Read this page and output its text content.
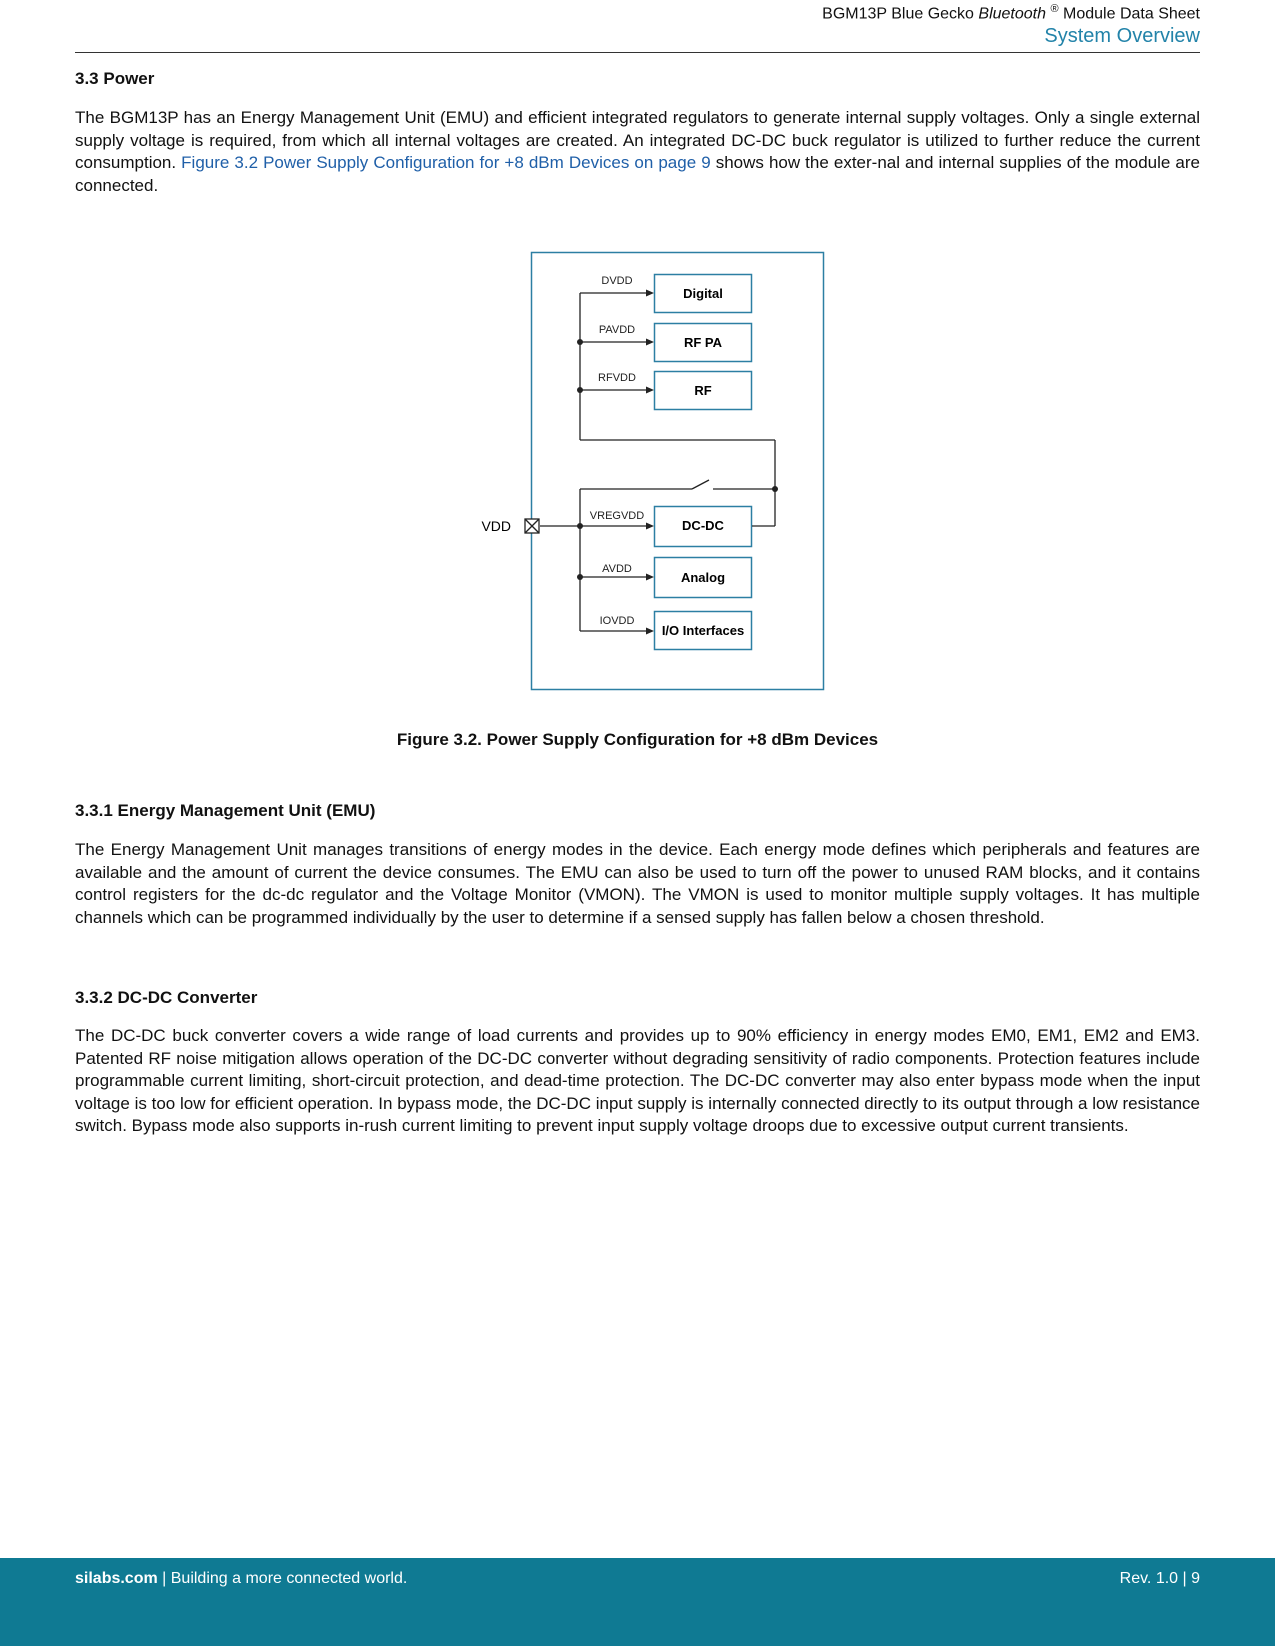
BGM13P Blue Gecko Bluetooth ® Module Data Sheet
System Overview
3.3 Power

The BGM13P has an Energy Management Unit (EMU) and efficient integrated regulators to generate internal supply voltages. Only a single external supply voltage is required, from which all internal voltages are created. An integrated DC-DC buck regulator is utilized to further reduce the current consumption. Figure 3.2 Power Supply Configuration for +8 dBm Devices on page 9 shows how the exter-nal and internal supplies of the module are connected.

Digital
RF PA
RF
DC-DC
Analog
I/O Interfaces
VDD
DVDD
PAVDD
RFVDD
VREGVDD
AVDD
IOVDD

Figure 3.2. Power Supply Configuration for +8 dBm Devices

3.3.1 Energy Management Unit (EMU)

The Energy Management Unit manages transitions of energy modes in the device. Each energy mode defines which peripherals and features are available and the amount of current the device consumes. The EMU can also be used to turn off the power to unused RAM blocks, and it contains control registers for the dc-dc regulator and the Voltage Monitor (VMON). The VMON is used to monitor multiple supply voltages. It has multiple channels which can be programmed individually by the user to determine if a sensed supply has fallen below a chosen threshold.

3.3.2 DC-DC Converter

The DC-DC buck converter covers a wide range of load currents and provides up to 90% efficiency in energy modes EM0, EM1, EM2 and EM3. Patented RF noise mitigation allows operation of the DC-DC converter without degrading sensitivity of radio components. Protection features include programmable current limiting, short-circuit protection, and dead-time protection. The DC-DC converter may also enter bypass mode when the input voltage is too low for efficient operation. In bypass mode, the DC-DC input supply is internally connected directly to its output through a low resistance switch. Bypass mode also supports in-rush current limiting to prevent input supply voltage droops due to excessive output current transients.

silabs.com | Building a more connected world.	Rev. 1.0 | 9
